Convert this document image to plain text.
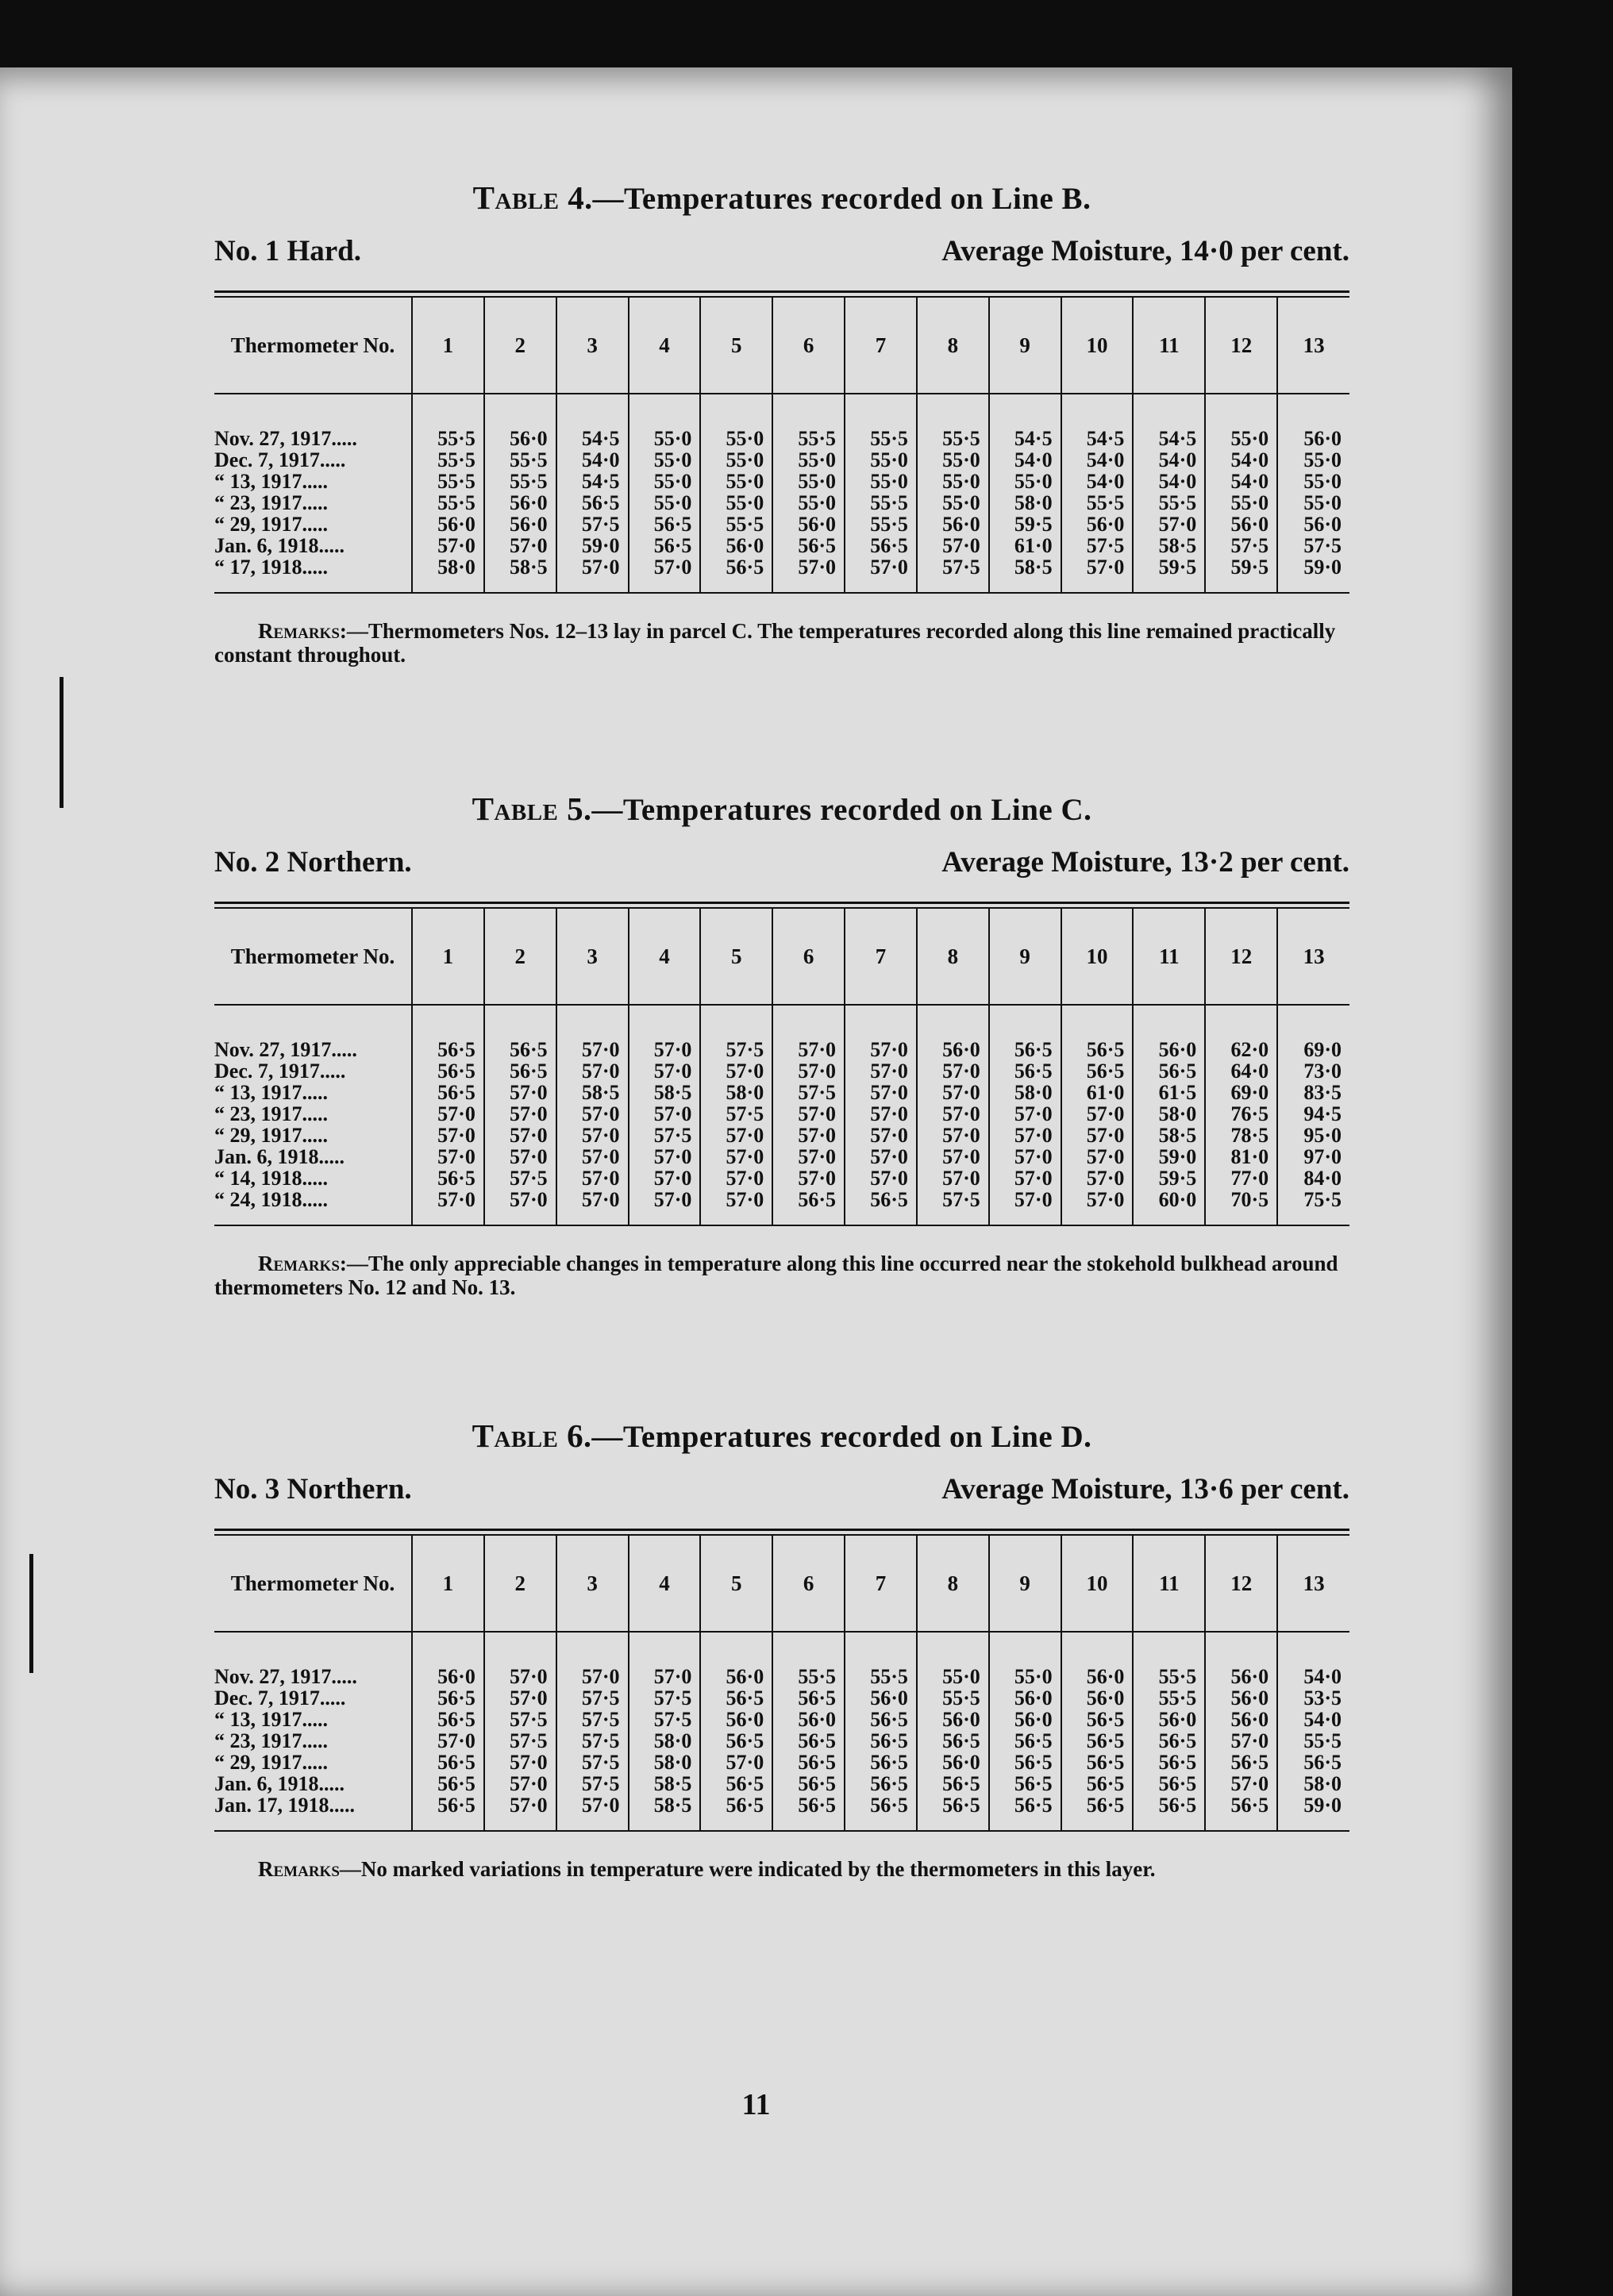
Table 4.—Temperatures recorded on Line B.

No. 1 Hard.	Average Moisture, 14·0 per cent.
Thermometer No.	1	2	3	4	5	6	7	8	9	10	11	12	13
Nov. 27, 1917.....	55·5	56·0	54·5	55·0	55·0	55·5	55·5	55·5	54·5	54·5	54·5	55·0	56·0
Dec. 7, 1917.....	55·5	55·5	54·0	55·0	55·0	55·0	55·0	55·0	54·0	54·0	54·0	54·0	55·0
“ 13, 1917.....	55·5	55·5	54·5	55·0	55·0	55·0	55·0	55·0	55·0	54·0	54·0	54·0	55·0
“ 23, 1917.....	55·5	56·0	56·5	55·0	55·0	55·0	55·5	55·0	58·0	55·5	55·5	55·0	55·0
“ 29, 1917.....	56·0	56·0	57·5	56·5	55·5	56·0	55·5	56·0	59·5	56·0	57·0	56·0	56·0
Jan. 6, 1918.....	57·0	57·0	59·0	56·5	56·0	56·5	56·5	57·0	61·0	57·5	58·5	57·5	57·5
“ 17, 1918.....	58·0	58·5	57·0	57·0	56·5	57·0	57·0	57·5	58·5	57·0	59·5	59·5	59·0

Remarks:—Thermometers Nos. 12–13 lay in parcel C. The temperatures recorded along this line remained practically constant throughout.

Table 5.—Temperatures recorded on Line C.

No. 2 Northern.	Average Moisture, 13·2 per cent.
Thermometer No.	1	2	3	4	5	6	7	8	9	10	11	12	13
Nov. 27, 1917.....	56·5	56·5	57·0	57·0	57·5	57·0	57·0	56·0	56·5	56·5	56·0	62·0	69·0
Dec. 7, 1917.....	56·5	56·5	57·0	57·0	57·0	57·0	57·0	57·0	56·5	56·5	56·5	64·0	73·0
“ 13, 1917.....	56·5	57·0	58·5	58·5	58·0	57·5	57·0	57·0	58·0	61·0	61·5	69·0	83·5
“ 23, 1917.....	57·0	57·0	57·0	57·0	57·5	57·0	57·0	57·0	57·0	57·0	58·0	76·5	94·5
“ 29, 1917.....	57·0	57·0	57·0	57·5	57·0	57·0	57·0	57·0	57·0	57·0	58·5	78·5	95·0
Jan. 6, 1918.....	57·0	57·0	57·0	57·0	57·0	57·0	57·0	57·0	57·0	57·0	59·0	81·0	97·0
“ 14, 1918.....	56·5	57·5	57·0	57·0	57·0	57·0	57·0	57·0	57·0	57·0	59·5	77·0	84·0
“ 24, 1918.....	57·0	57·0	57·0	57·0	57·0	56·5	56·5	57·5	57·0	57·0	60·0	70·5	75·5

Remarks:—The only appreciable changes in temperature along this line occurred near the stokehold bulkhead around thermometers No. 12 and No. 13.

Table 6.—Temperatures recorded on Line D.

No. 3 Northern.	Average Moisture, 13·6 per cent.
Thermometer No.	1	2	3	4	5	6	7	8	9	10	11	12	13
Nov. 27, 1917.....	56·0	57·0	57·0	57·0	56·0	55·5	55·5	55·0	55·0	56·0	55·5	56·0	54·0
Dec. 7, 1917.....	56·5	57·0	57·5	57·5	56·5	56·5	56·0	55·5	56·0	56·0	55·5	56·0	53·5
“ 13, 1917.....	56·5	57·5	57·5	57·5	56·0	56·0	56·5	56·0	56·0	56·5	56·0	56·0	54·0
“ 23, 1917.....	57·0	57·5	57·5	58·0	56·5	56·5	56·5	56·5	56·5	56·5	56·5	57·0	55·5
“ 29, 1917.....	56·5	57·0	57·5	58·0	57·0	56·5	56·5	56·0	56·5	56·5	56·5	56·5	56·5
Jan. 6, 1918.....	56·5	57·0	57·5	58·5	56·5	56·5	56·5	56·5	56·5	56·5	56·5	57·0	58·0
Jan. 17, 1918.....	56·5	57·0	57·0	58·5	56·5	56·5	56·5	56·5	56·5	56·5	56·5	56·5	59·0

Remarks—No marked variations in temperature were indicated by the thermometers in this layer.

11
